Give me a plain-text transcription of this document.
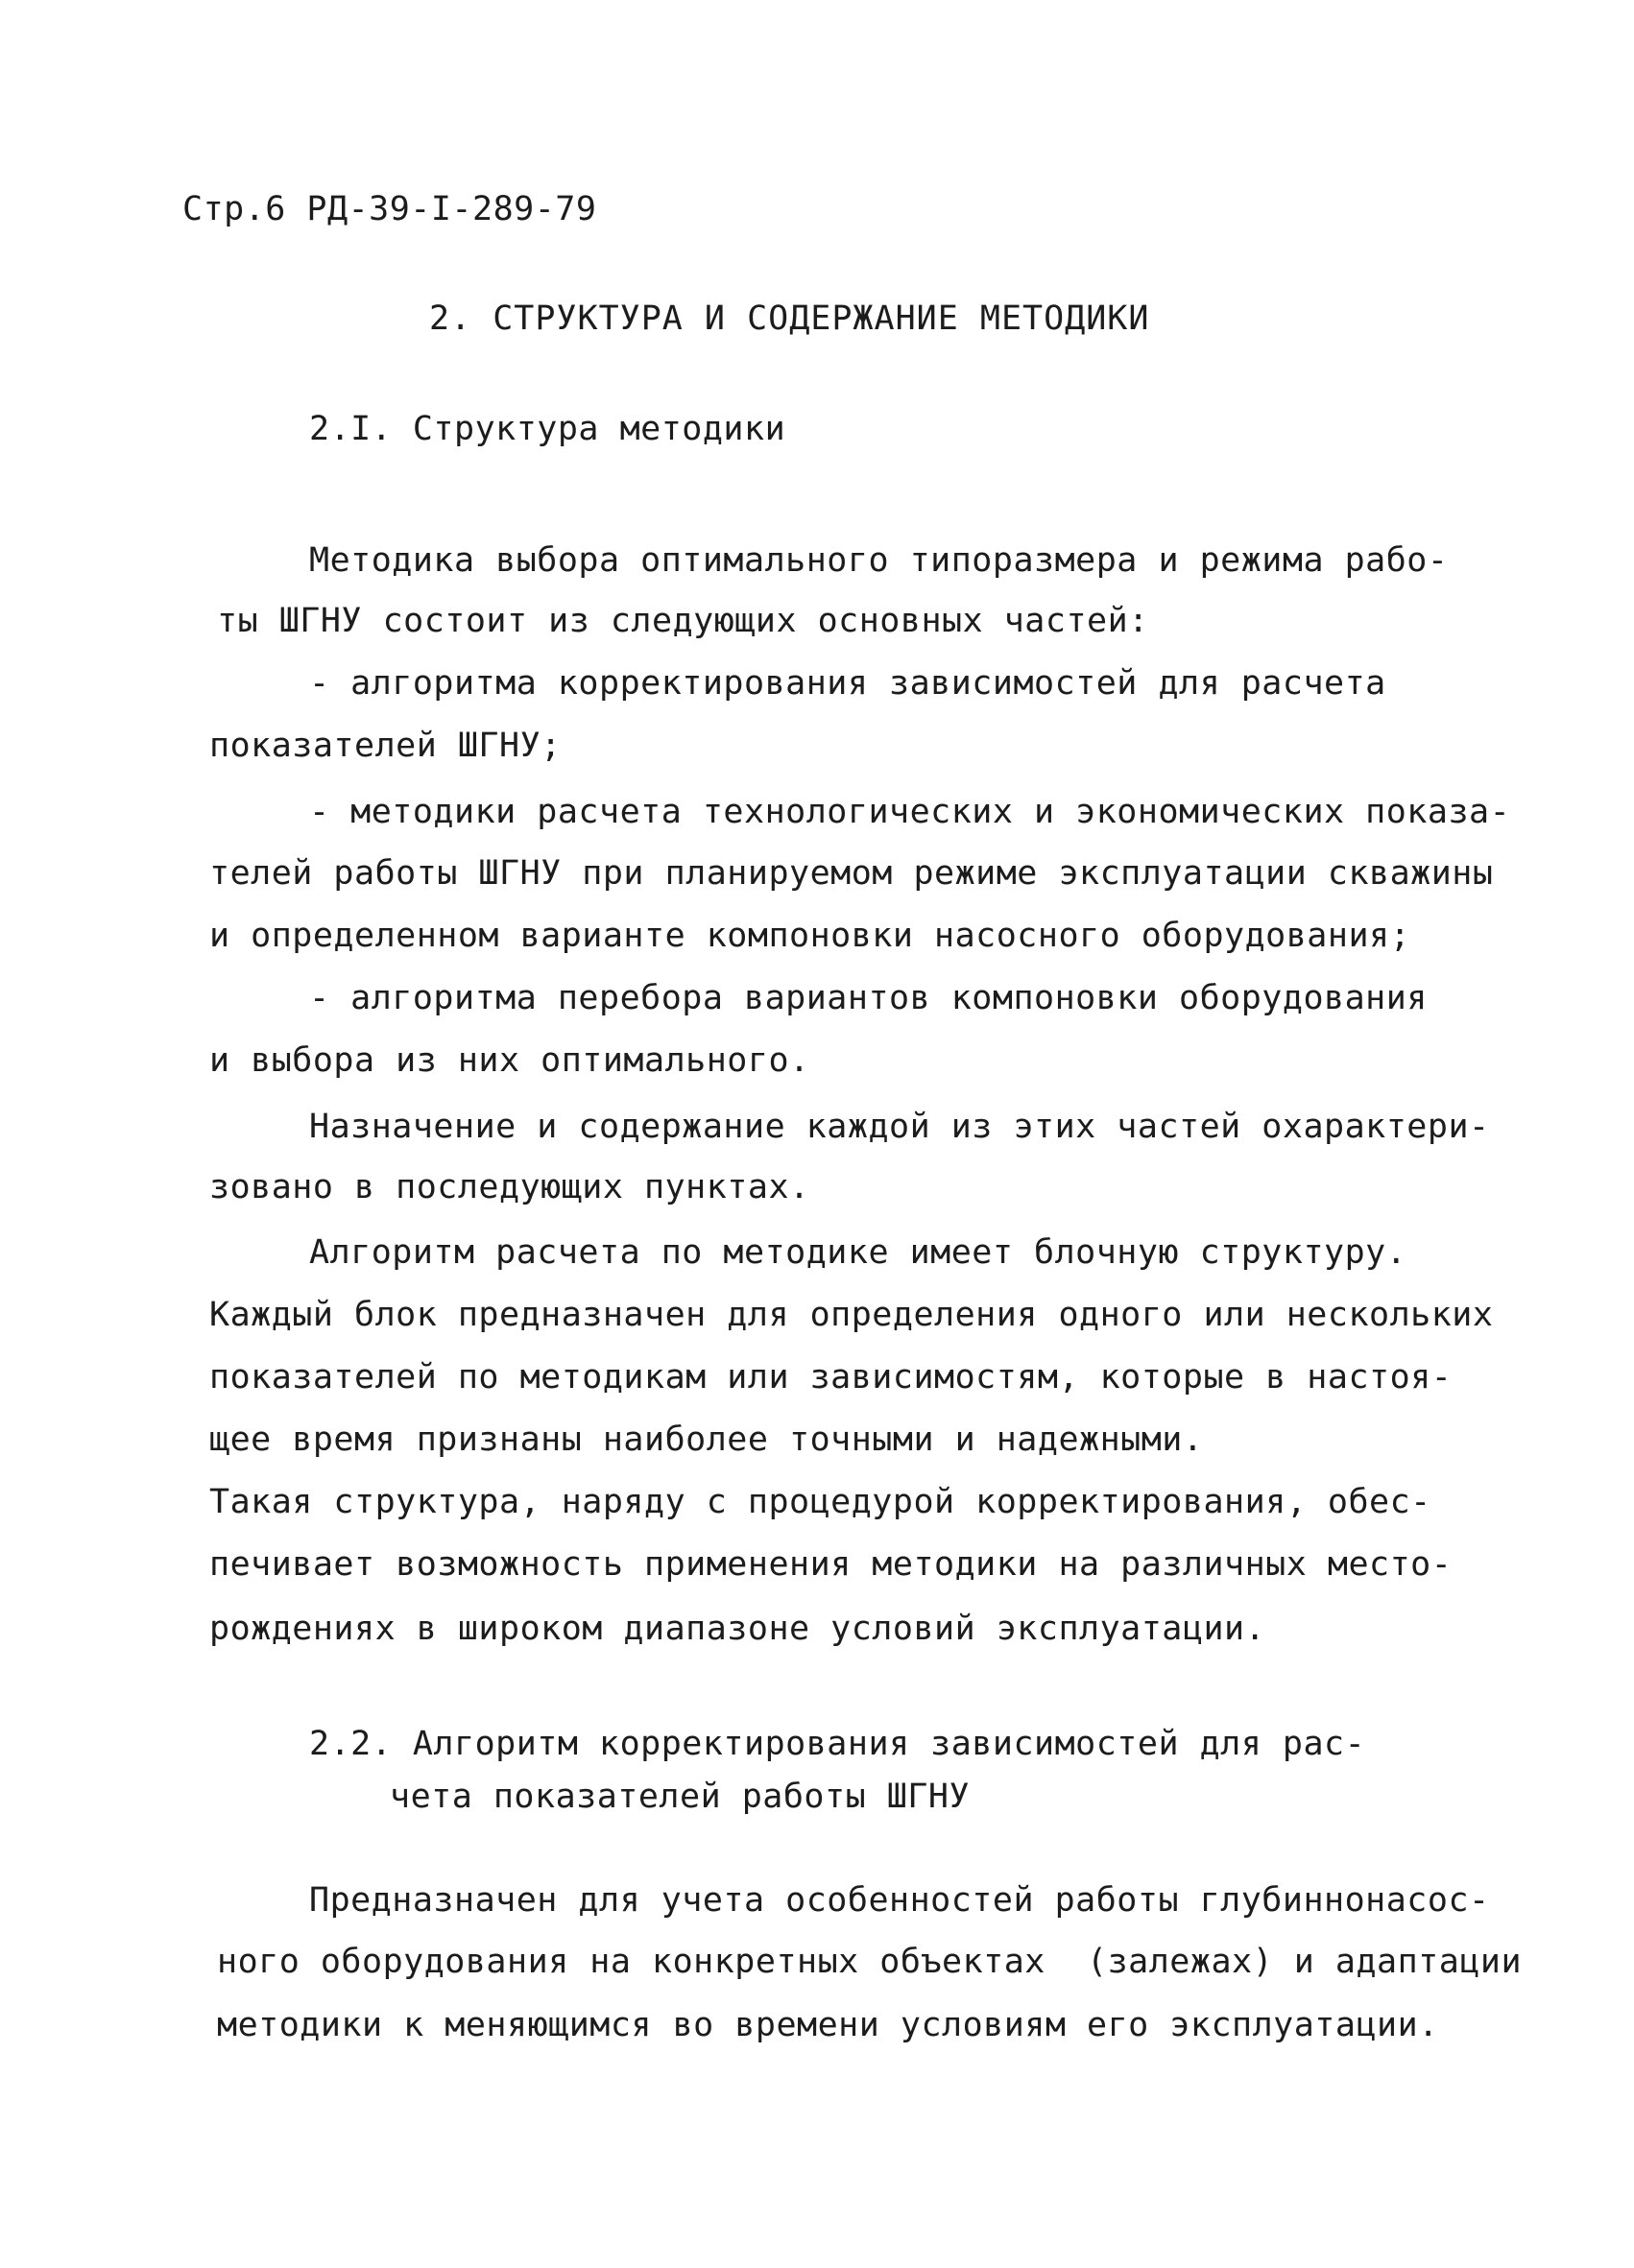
Стр.6 РД-39-I-289-79
2. СТРУКТУРА И СОДЕРЖАНИЕ МЕТОДИКИ
2.I. Структура методики
Методика выбора оптимального типоразмера и режима рабо-
ты ШГНУ состоит из следующих основных частей:
- алгоритма корректирования зависимостей для расчета
показателей ШГНУ;
- методики расчета технологических и экономических показа-
телей работы ШГНУ при планируемом режиме эксплуатации скважины
и определенном варианте компоновки насосного оборудования;
- алгоритма перебора вариантов компоновки оборудования
и выбора из них оптимального.
Назначение и содержание каждой из этих частей охарактери-
зовано в последующих пунктах.
Алгоритм расчета по методике имеет блочную структуру.
Каждый блок предназначен для определения одного или нескольких
показателей по методикам или зависимостям, которые в настоя-
щее время признаны наиболее точными и надежными.
Такая структура, наряду с процедурой корректирования, обес-
печивает возможность применения методики на различных место-
рождениях в широком диапазоне условий эксплуатации.
2.2. Алгоритм корректирования зависимостей для рас-
чета показателей работы ШГНУ
Предназначен для учета особенностей работы глубиннонасос-
ного оборудования на конкретных объектах  (залежах) и адаптации
методики к меняющимся во времени условиям его эксплуатации.
